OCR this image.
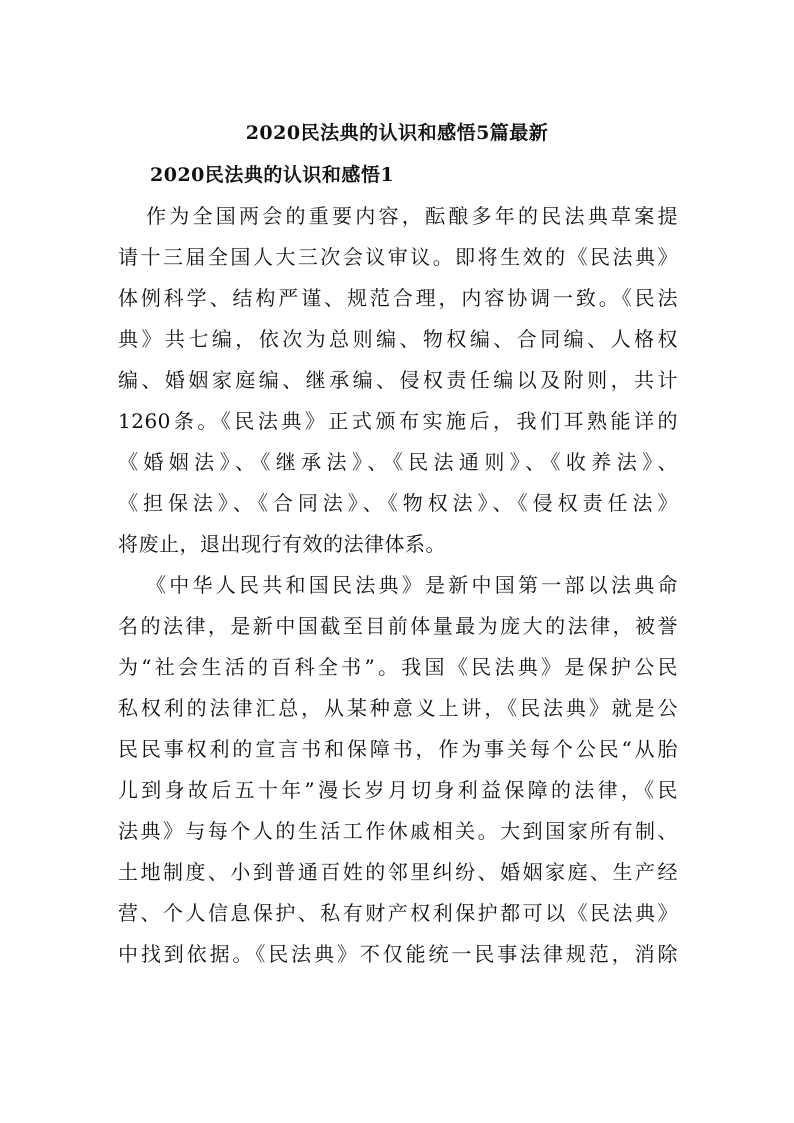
2020民法典的认识和感悟5篇最新
2020民法典的认识和感悟1
作为全国两会的重要内容，酝酿多年的民法典草案提
请十三届全国人大三次会议审议。即将生效的《民法典》
体例科学、结构严谨、规范合理，内容协调一致。《民法
典》共七编，依次为总则编、物权编、合同编、人格权
编、婚姻家庭编、继承编、侵权责任编以及附则，共计
1260条。《民法典》正式颁布实施后，我们耳熟能详的
《婚姻法》、《继承法》、《民法通则》、《收养法》、
《担保法》、《合同法》、《物权法》、《侵权责任法》
将废止，退出现行有效的法律体系。
《中华人民共和国民法典》是新中国第一部以法典命
名的法律，是新中国截至目前体量最为庞大的法律，被誉
为“社会生活的百科全书”。我国《民法典》是保护公民
私权利的法律汇总，从某种意义上讲，《民法典》就是公
民民事权利的宣言书和保障书，作为事关每个公民“从胎
儿到身故后五十年”漫长岁月切身利益保障的法律，《民
法典》与每个人的生活工作休戚相关。大到国家所有制、
土地制度、小到普通百姓的邻里纠纷、婚姻家庭、生产经
营、个人信息保护、私有财产权利保护都可以《民法典》
中找到依据。《民法典》不仅能统一民事法律规范，消除
